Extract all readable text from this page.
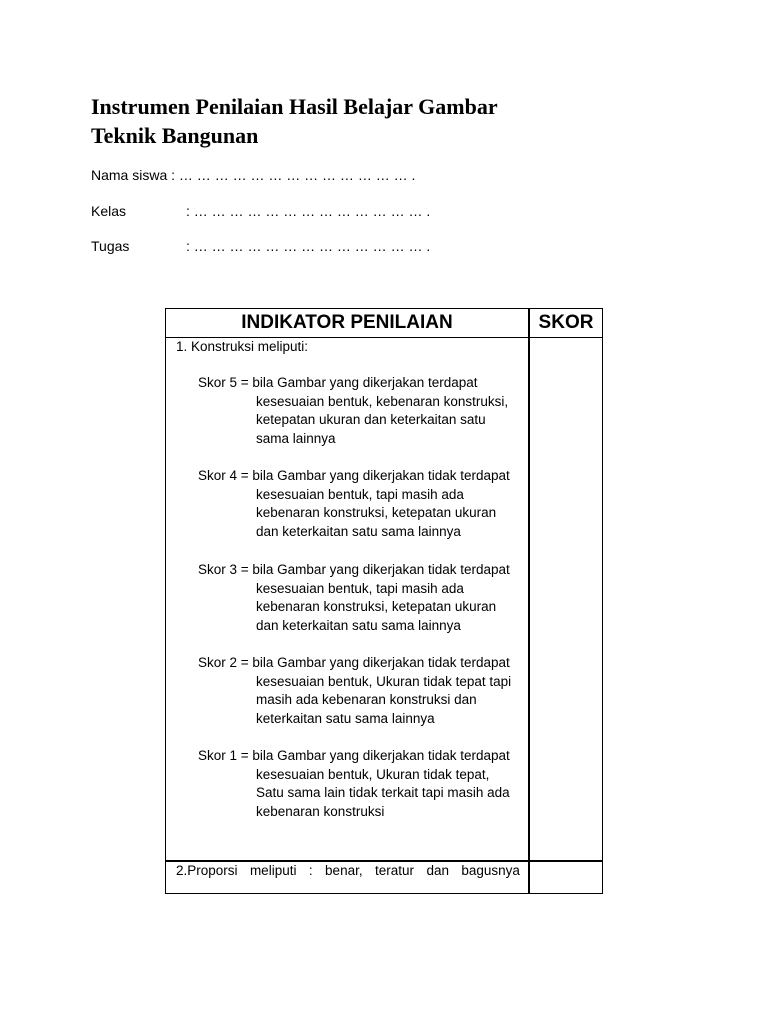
Instrumen Penilaian Hasil Belajar Gambar
Teknik Bangunan
Nama siswa : … … … … … … … … … … … … … .
Kelas	: … … … … … … … … … … … … … .
Tugas	: … … … … … … … … … … … … … .
INDIKATOR PENILAIAN	SKOR
1. Konstruksi meliputi:
Skor 5 = bila Gambar yang dikerjakan terdapat
kesesuaian bentuk, kebenaran konstruksi,
ketepatan ukuran dan keterkaitan satu
sama lainnya
Skor 4 = bila Gambar yang dikerjakan tidak terdapat
kesesuaian bentuk, tapi masih ada
kebenaran konstruksi, ketepatan ukuran
dan keterkaitan satu sama lainnya
Skor 3 = bila Gambar yang dikerjakan tidak terdapat
kesesuaian bentuk, tapi masih ada
kebenaran konstruksi, ketepatan ukuran
dan keterkaitan satu sama lainnya
Skor 2 = bila Gambar yang dikerjakan tidak terdapat
kesesuaian bentuk, Ukuran tidak tepat tapi
masih ada kebenaran konstruksi dan
keterkaitan satu sama lainnya
Skor 1 = bila Gambar yang dikerjakan tidak terdapat
kesesuaian bentuk, Ukuran tidak tepat,
Satu sama lain tidak terkait tapi masih ada
kebenaran konstruksi
2.Proporsi meliputi : benar, teratur dan bagusnya
